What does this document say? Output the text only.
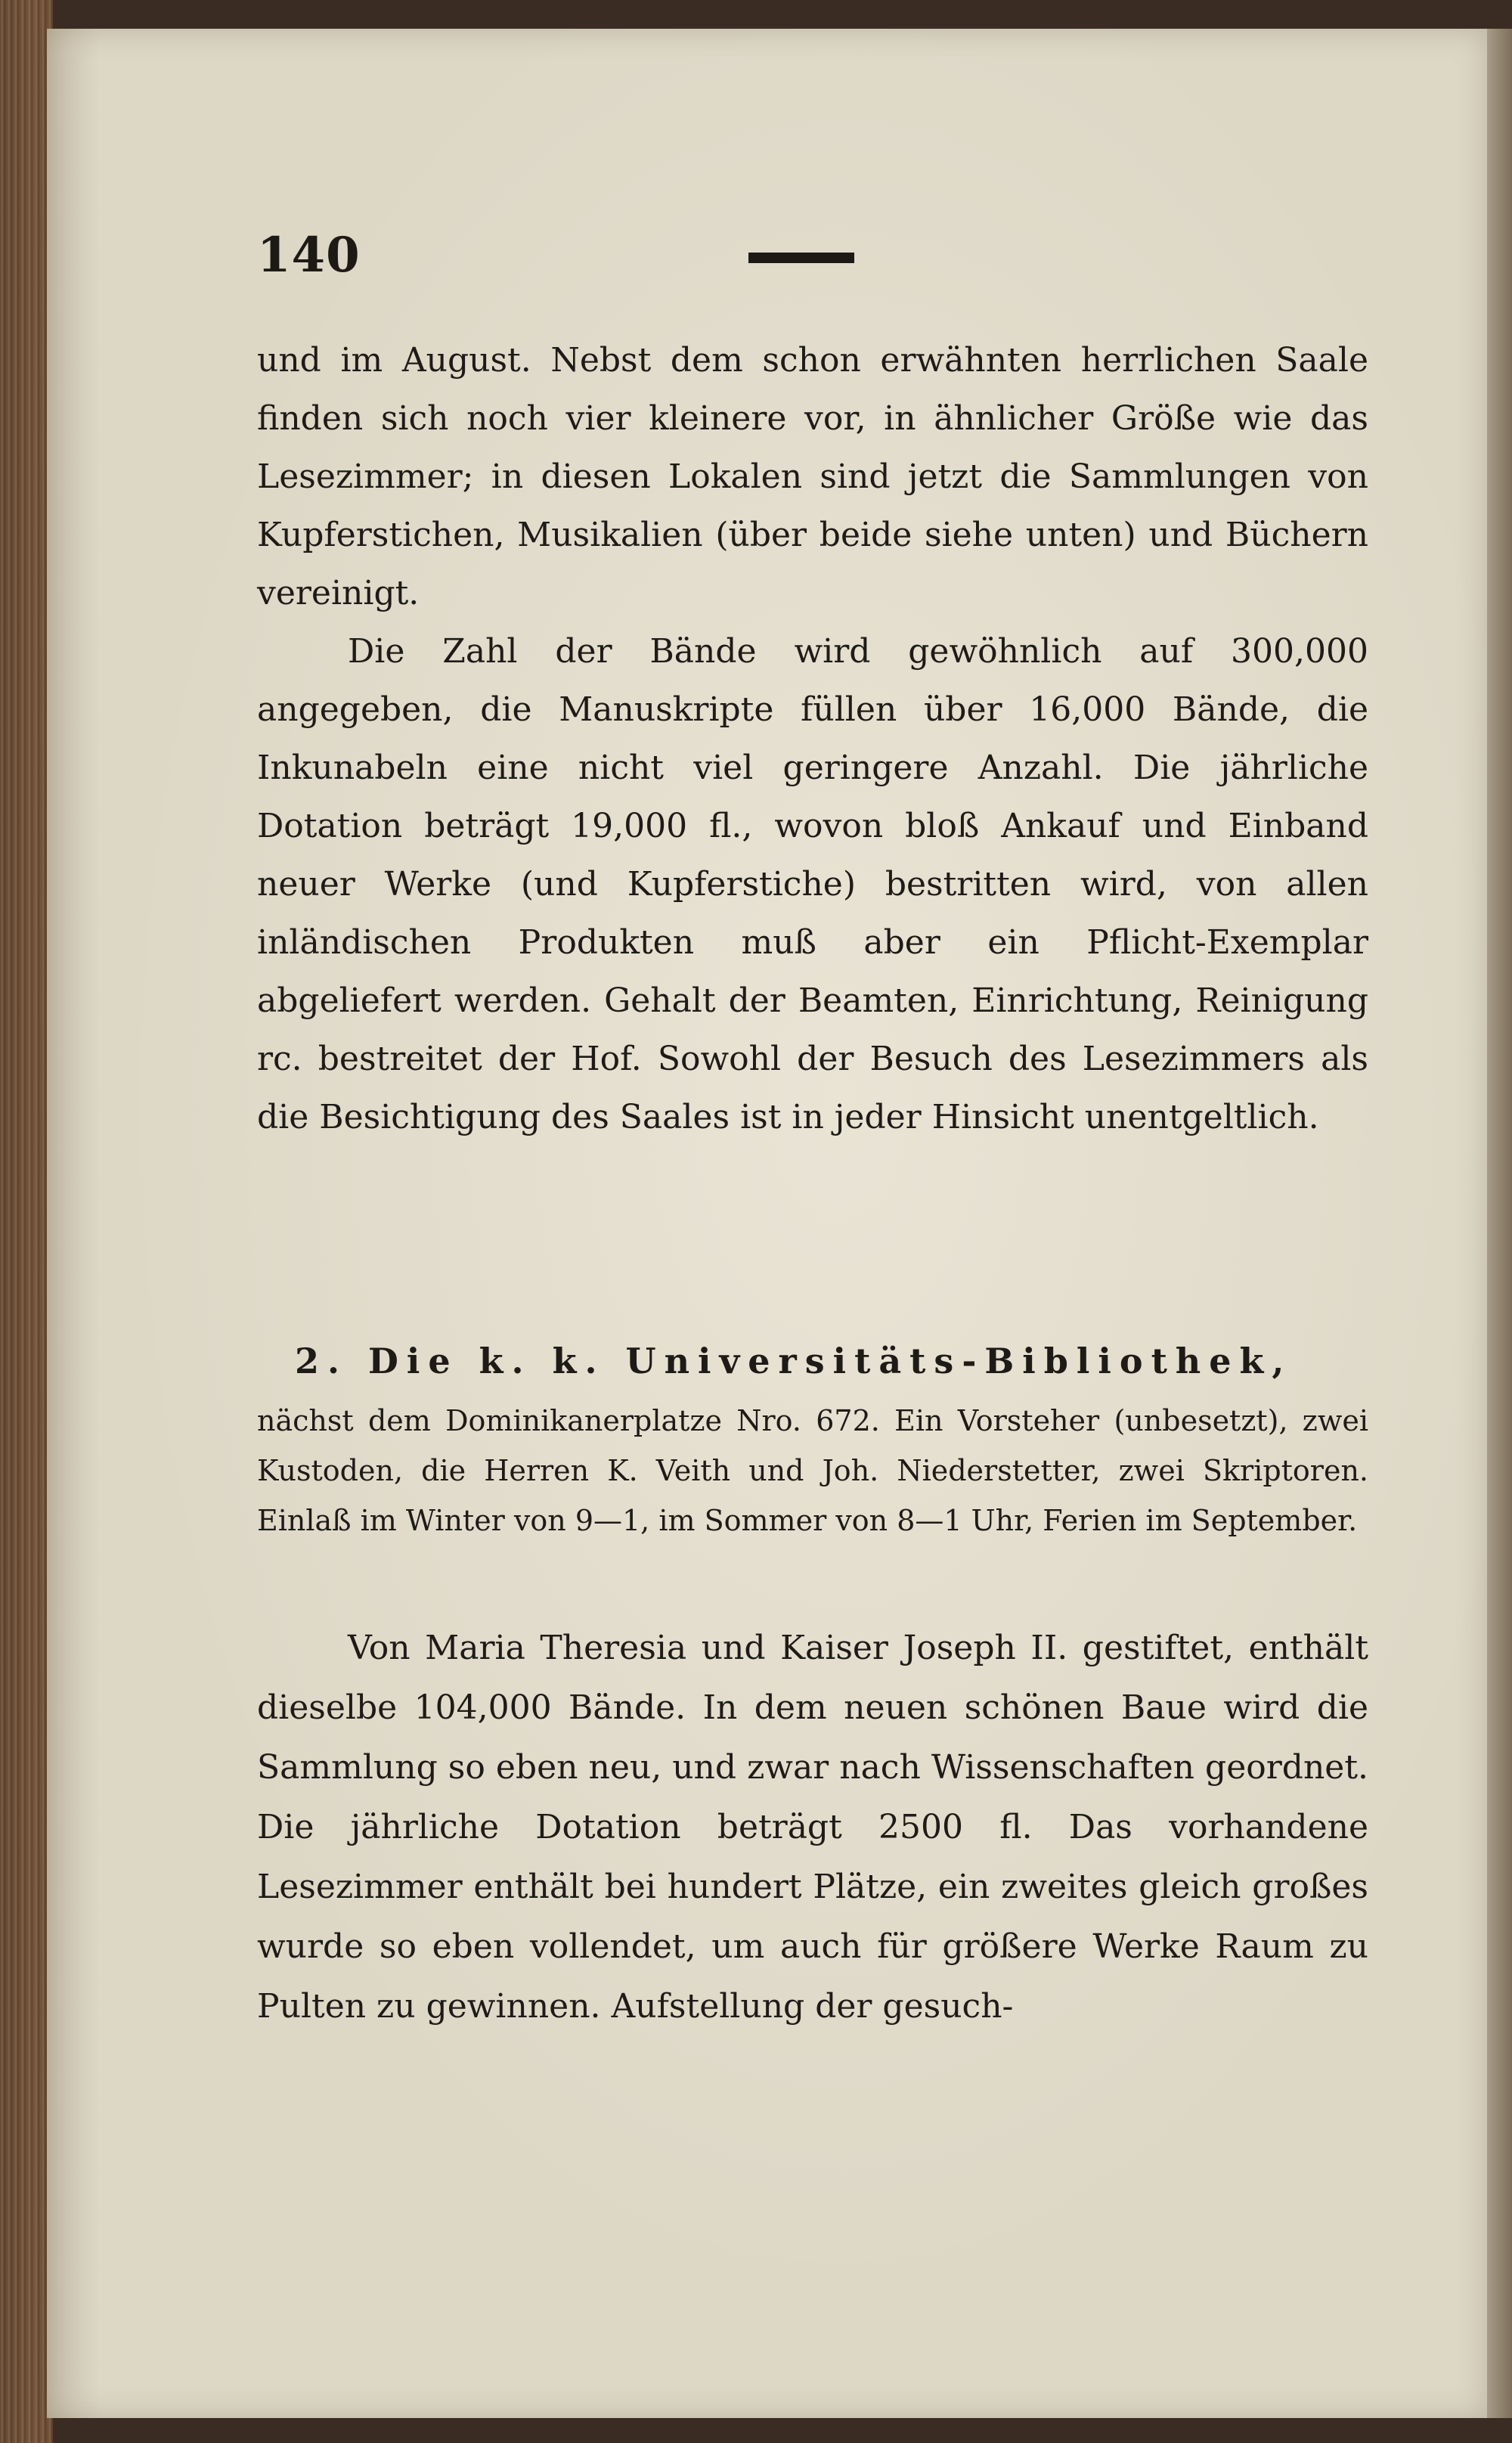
140

und im August. Nebst dem schon erwähnten herrlichen Saale finden sich noch vier kleinere vor, in ähnlicher Größe wie das Lesezimmer; in diesen Lokalen sind jetzt die Sammlungen von Kupferstichen, Musikalien (über beide siehe unten) und Büchern vereinigt.

Die Zahl der Bände wird gewöhnlich auf 300,000 angegeben, die Manuskripte füllen über 16,000 Bände, die Inkunabeln eine nicht viel geringere Anzahl. Die jährliche Dotation beträgt 19,000 fl., wovon bloß Ankauf und Einband neuer Werke (und Kupferstiche) bestritten wird, von allen inländischen Produkten muß aber ein Pflicht-Exemplar abgeliefert werden. Gehalt der Beamten, Einrichtung, Reinigung rc. bestreitet der Hof. Sowohl der Besuch des Lesezimmers als die Besichtigung des Saales ist in jeder Hinsicht unentgeltlich.

2. Die k. k. Universitäts-Bibliothek,

nächst dem Dominikanerplatze Nro. 672. Ein Vorsteher (unbesetzt), zwei Kustoden, die Herren K. Veith und Joh. Niederstetter, zwei Skriptoren. Einlaß im Winter von 9—1, im Sommer von 8—1 Uhr, Ferien im September.

Von Maria Theresia und Kaiser Joseph II. gestiftet, enthält dieselbe 104,000 Bände. In dem neuen schönen Baue wird die Sammlung so eben neu, und zwar nach Wissenschaften geordnet. Die jährliche Dotation beträgt 2500 fl. Das vorhandene Lesezimmer enthält bei hundert Plätze, ein zweites gleich großes wurde so eben vollendet, um auch für größere Werke Raum zu Pulten zu gewinnen. Aufstellung der gesuch-
